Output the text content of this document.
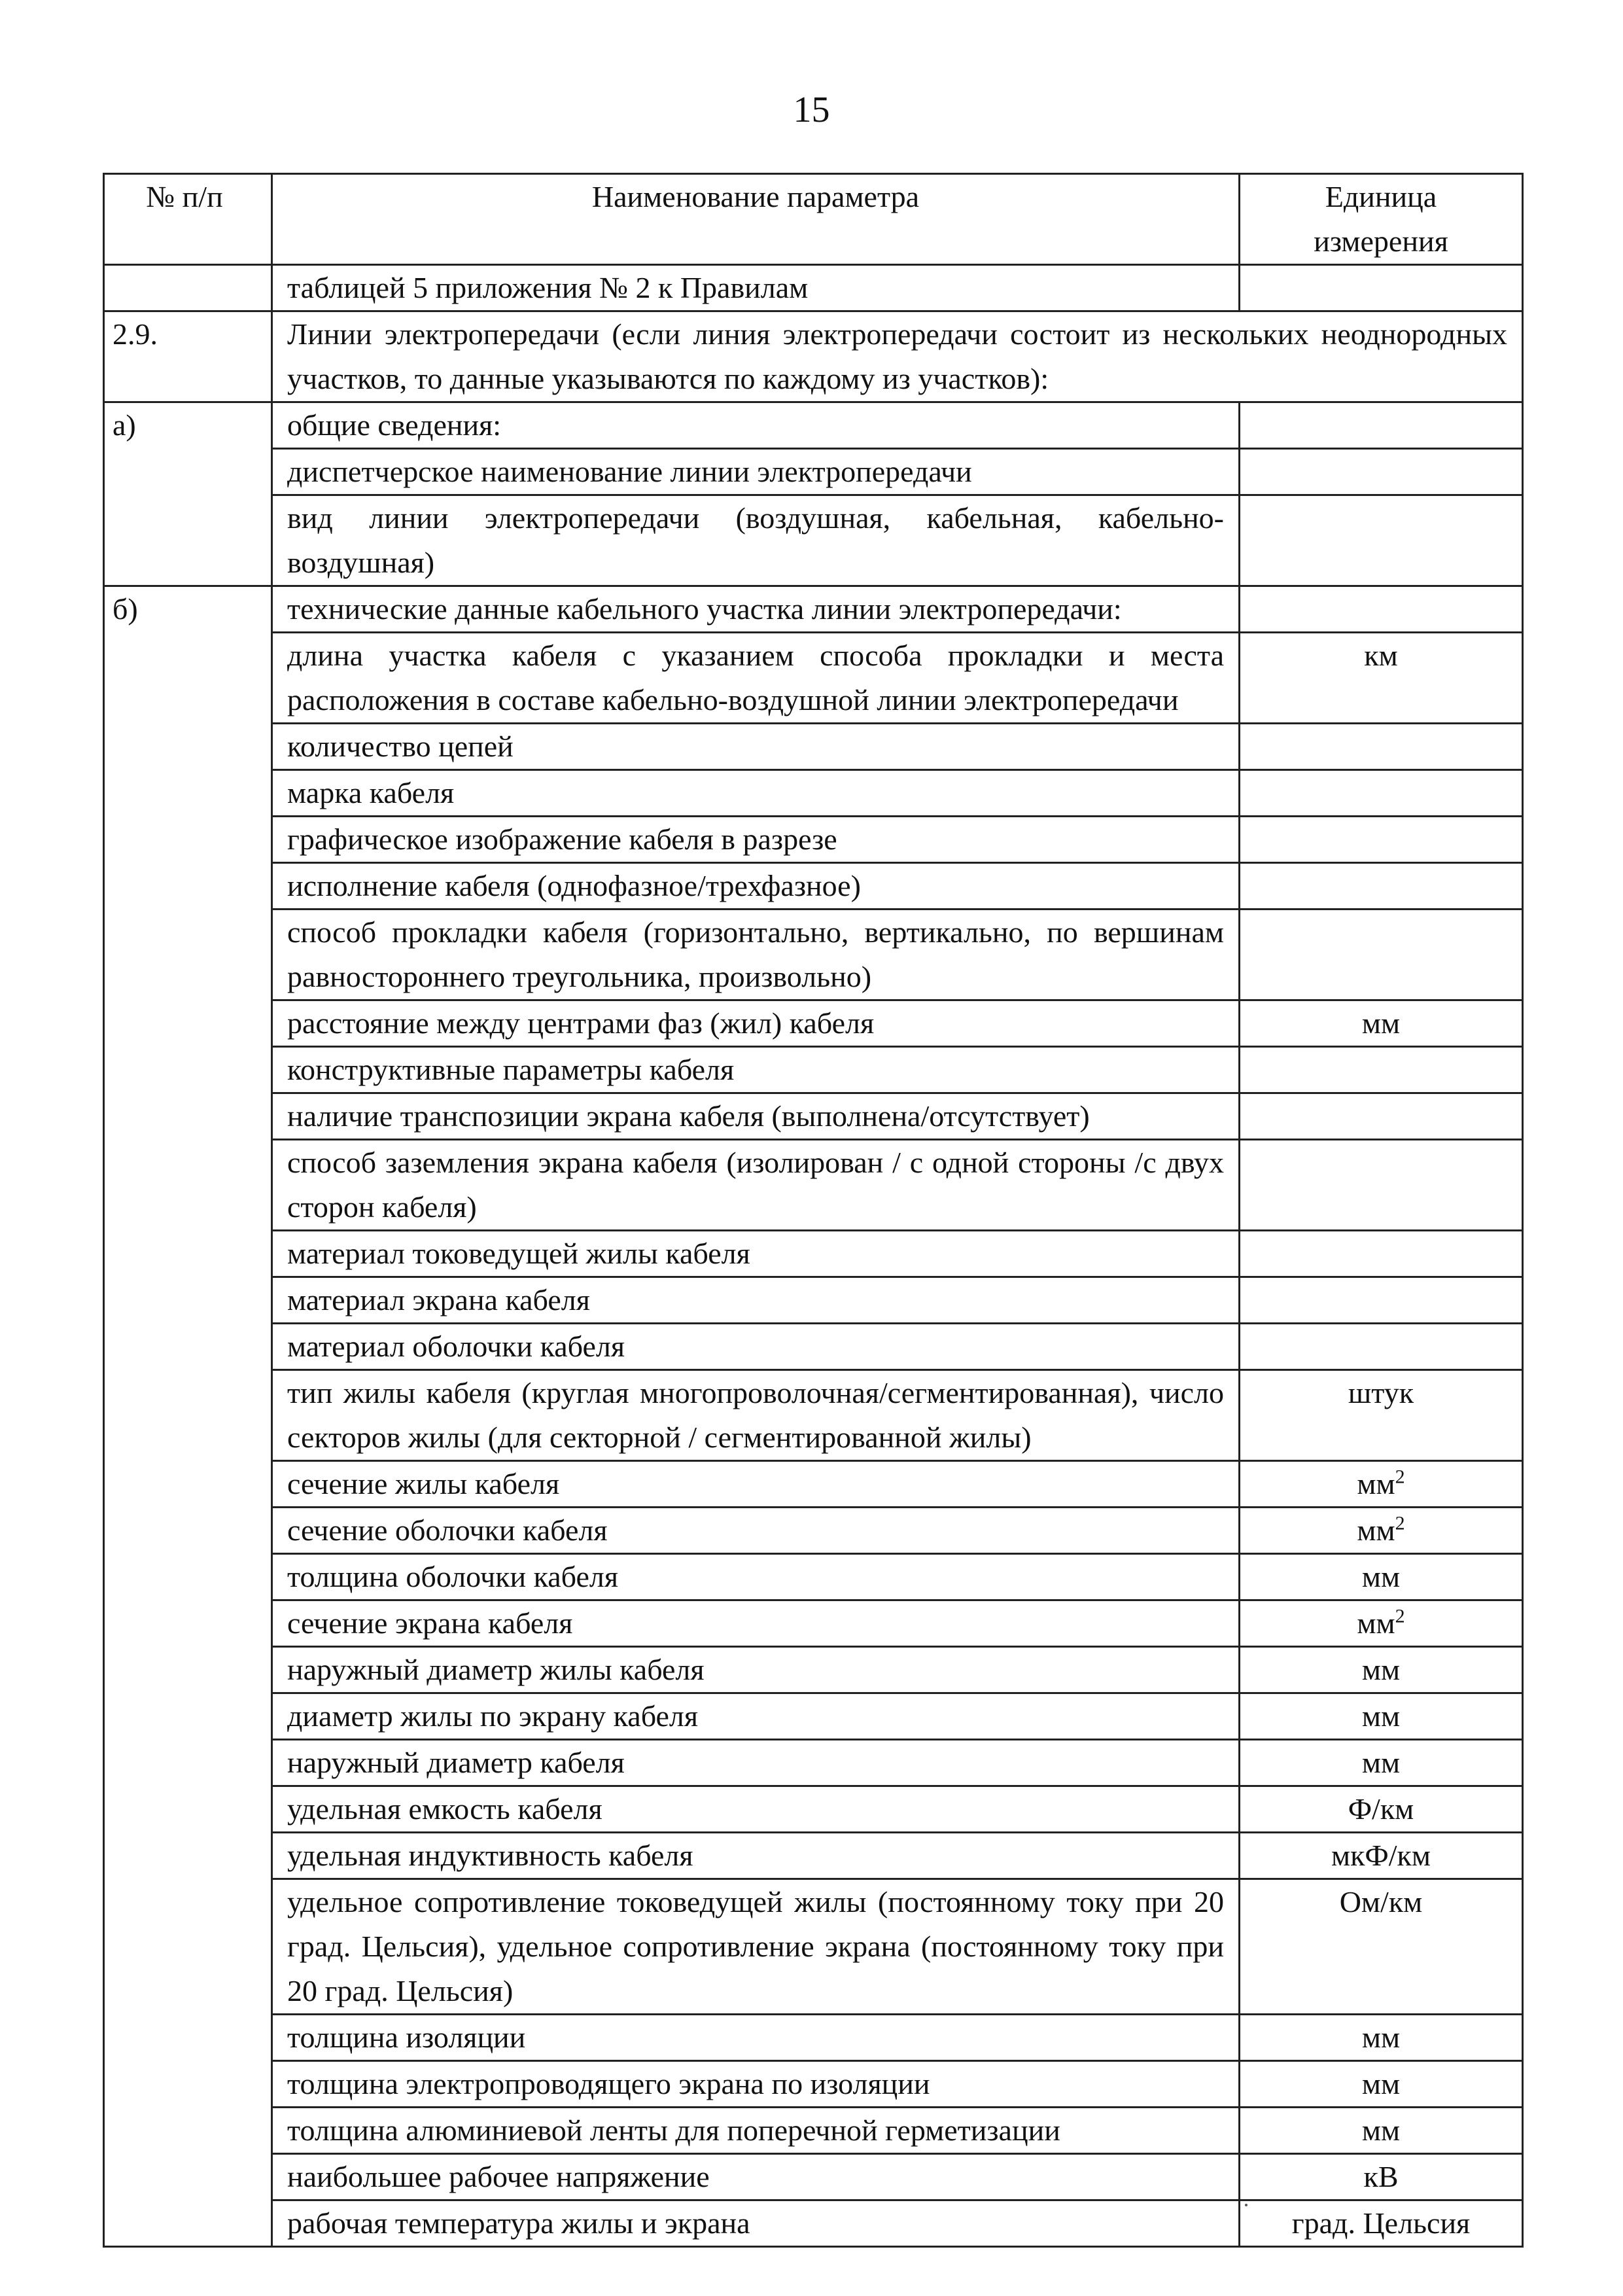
15
№ п/п	Наименование параметра	Единица измерения
	таблицей 5 приложения № 2 к Правилам	
2.9.	Линии электропередачи (если линия электропередачи состоит из нескольких неоднородных участков, то данные указываются по каждому из участков):	
а)	общие сведения:	
	диспетчерское наименование линии электропередачи	
	вид линии электропередачи (воздушная, кабельная, кабельно-воздушная)	
б)	технические данные кабельного участка линии электропередачи:	
	длина участка кабеля с указанием способа прокладки и места расположения в составе кабельно-воздушной линии электропередачи	км
	количество цепей	
	марка кабеля	
	графическое изображение кабеля в разрезе	
	исполнение кабеля (однофазное/трехфазное)	
	способ прокладки кабеля (горизонтально, вертикально, по вершинам равностороннего треугольника, произвольно)	
	расстояние между центрами фаз (жил) кабеля	мм
	конструктивные параметры кабеля	
	наличие транспозиции экрана кабеля (выполнена/отсутствует)	
	способ заземления экрана кабеля (изолирован / с одной стороны /с двух сторон кабеля)	
	материал токоведущей жилы кабеля	
	материал экрана кабеля	
	материал оболочки кабеля	
	тип жилы кабеля (круглая многопроволочная/сегментированная), число секторов жилы (для секторной / сегментированной жилы)	штук
	сечение жилы кабеля	$мм^2$
	сечение оболочки кабеля	$мм^2$
	толщина оболочки кабеля	мм
	сечение экрана кабеля	$мм^2$
	наружный диаметр жилы кабеля	мм
	диаметр жилы по экрану кабеля	мм
	наружный диаметр кабеля	мм
	удельная емкость кабеля	Ф/км
	удельная индуктивность кабеля	мкФ/км
	удельное сопротивление токоведущей жилы (постоянному току при 20 град. Цельсия), удельное сопротивление экрана (постоянному току при 20 град. Цельсия)	Ом/км
	толщина изоляции	мм
	толщина электропроводящего экрана по изоляции	мм
	толщина алюминиевой ленты для поперечной герметизации	мм
	наибольшее рабочее напряжение	кВ
	рабочая температура жилы и экрана	град. Цельсия
